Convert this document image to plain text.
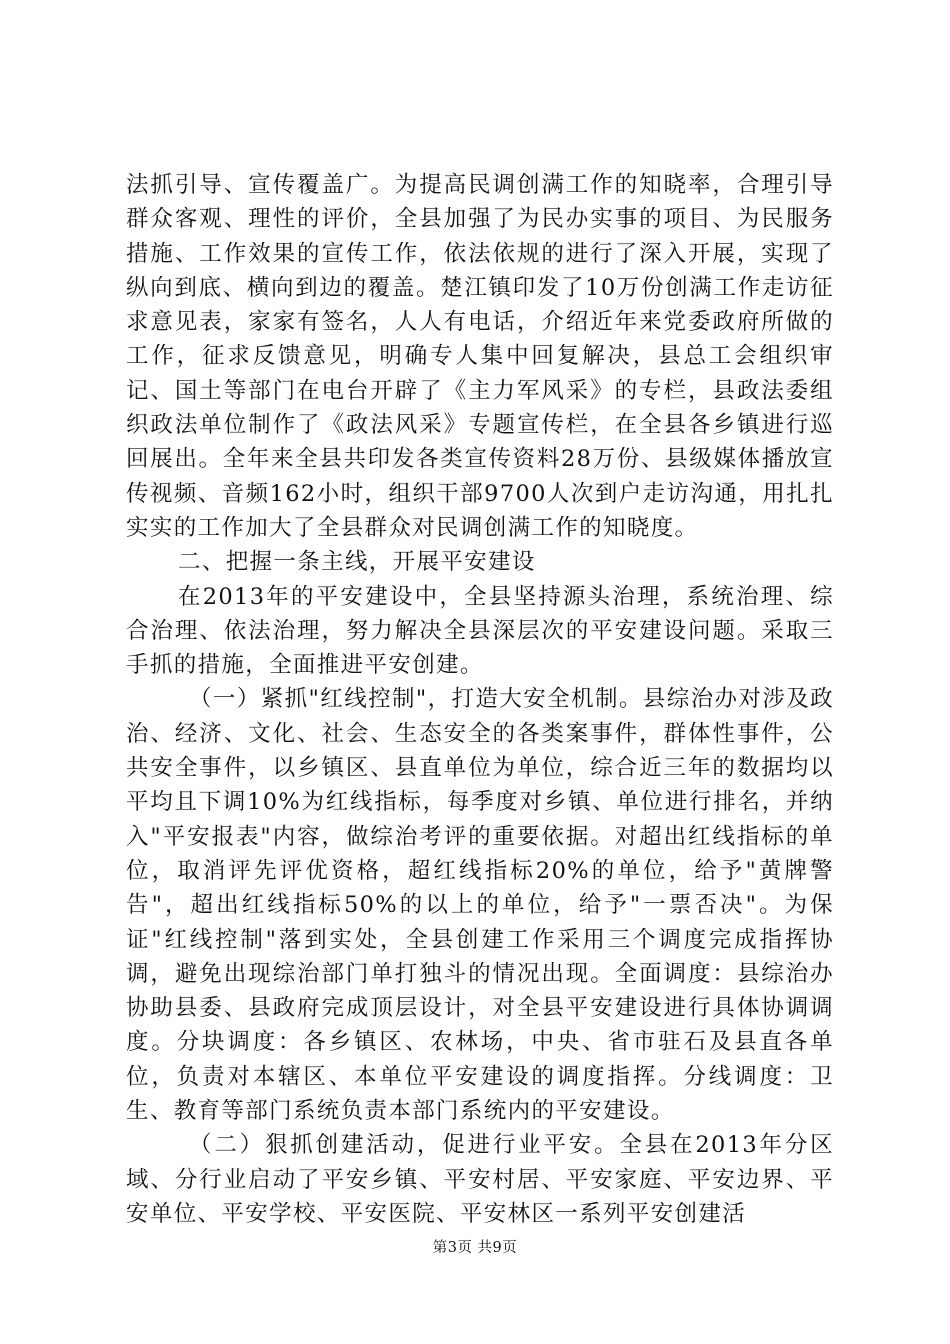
法抓引导、宣传覆盖广。为提高民调创满工作的知晓率，合理引导群众客观、理性的评价，全县加强了为民办实事的项目、为民服务措施、工作效果的宣传工作，依法依规的进行了深入开展，实现了纵向到底、横向到边的覆盖。楚江镇印发了10万份创满工作走访征求意见表，家家有签名，人人有电话，介绍近年来党委政府所做的工作，征求反馈意见，明确专人集中回复解决，县总工会组织审记、国土等部门在电台开辟了《主力军风采》的专栏，县政法委组织政法单位制作了《政法风采》专题宣传栏，在全县各乡镇进行巡回展出。全年来全县共印发各类宣传资料28万份、县级媒体播放宣传视频、音频162小时，组织干部9700人次到户走访沟通，用扎扎实实的工作加大了全县群众对民调创满工作的知晓度。

二、把握一条主线，开展平安建设

在2013年的平安建设中，全县坚持源头治理，系统治理、综合治理、依法治理，努力解决全县深层次的平安建设问题。采取三手抓的措施，全面推进平安创建。

（一）紧抓"红线控制"，打造大安全机制。县综治办对涉及政治、经济、文化、社会、生态安全的各类案事件，群体性事件，公共安全事件，以乡镇区、县直单位为单位，综合近三年的数据均以平均且下调10%为红线指标，每季度对乡镇、单位进行排名，并纳入"平安报表"内容，做综治考评的重要依据。对超出红线指标的单位，取消评先评优资格，超红线指标20%的单位，给予"黄牌警告"，超出红线指标50%的以上的单位，给予"一票否决"。为保证"红线控制"落到实处，全县创建工作采用三个调度完成指挥协调，避免出现综治部门单打独斗的情况出现。全面调度：县综治办协助县委、县政府完成顶层设计，对全县平安建设进行具体协调调度。分块调度：各乡镇区、农林场，中央、省市驻石及县直各单位，负责对本辖区、本单位平安建设的调度指挥。分线调度：卫生、教育等部门系统负责本部门系统内的平安建设。

（二）狠抓创建活动，促进行业平安。全县在2013年分区域、分行业启动了平安乡镇、平安村居、平安家庭、平安边界、平安单位、平安学校、平安医院、平安林区一系列平安创建活

第3页 共9页
